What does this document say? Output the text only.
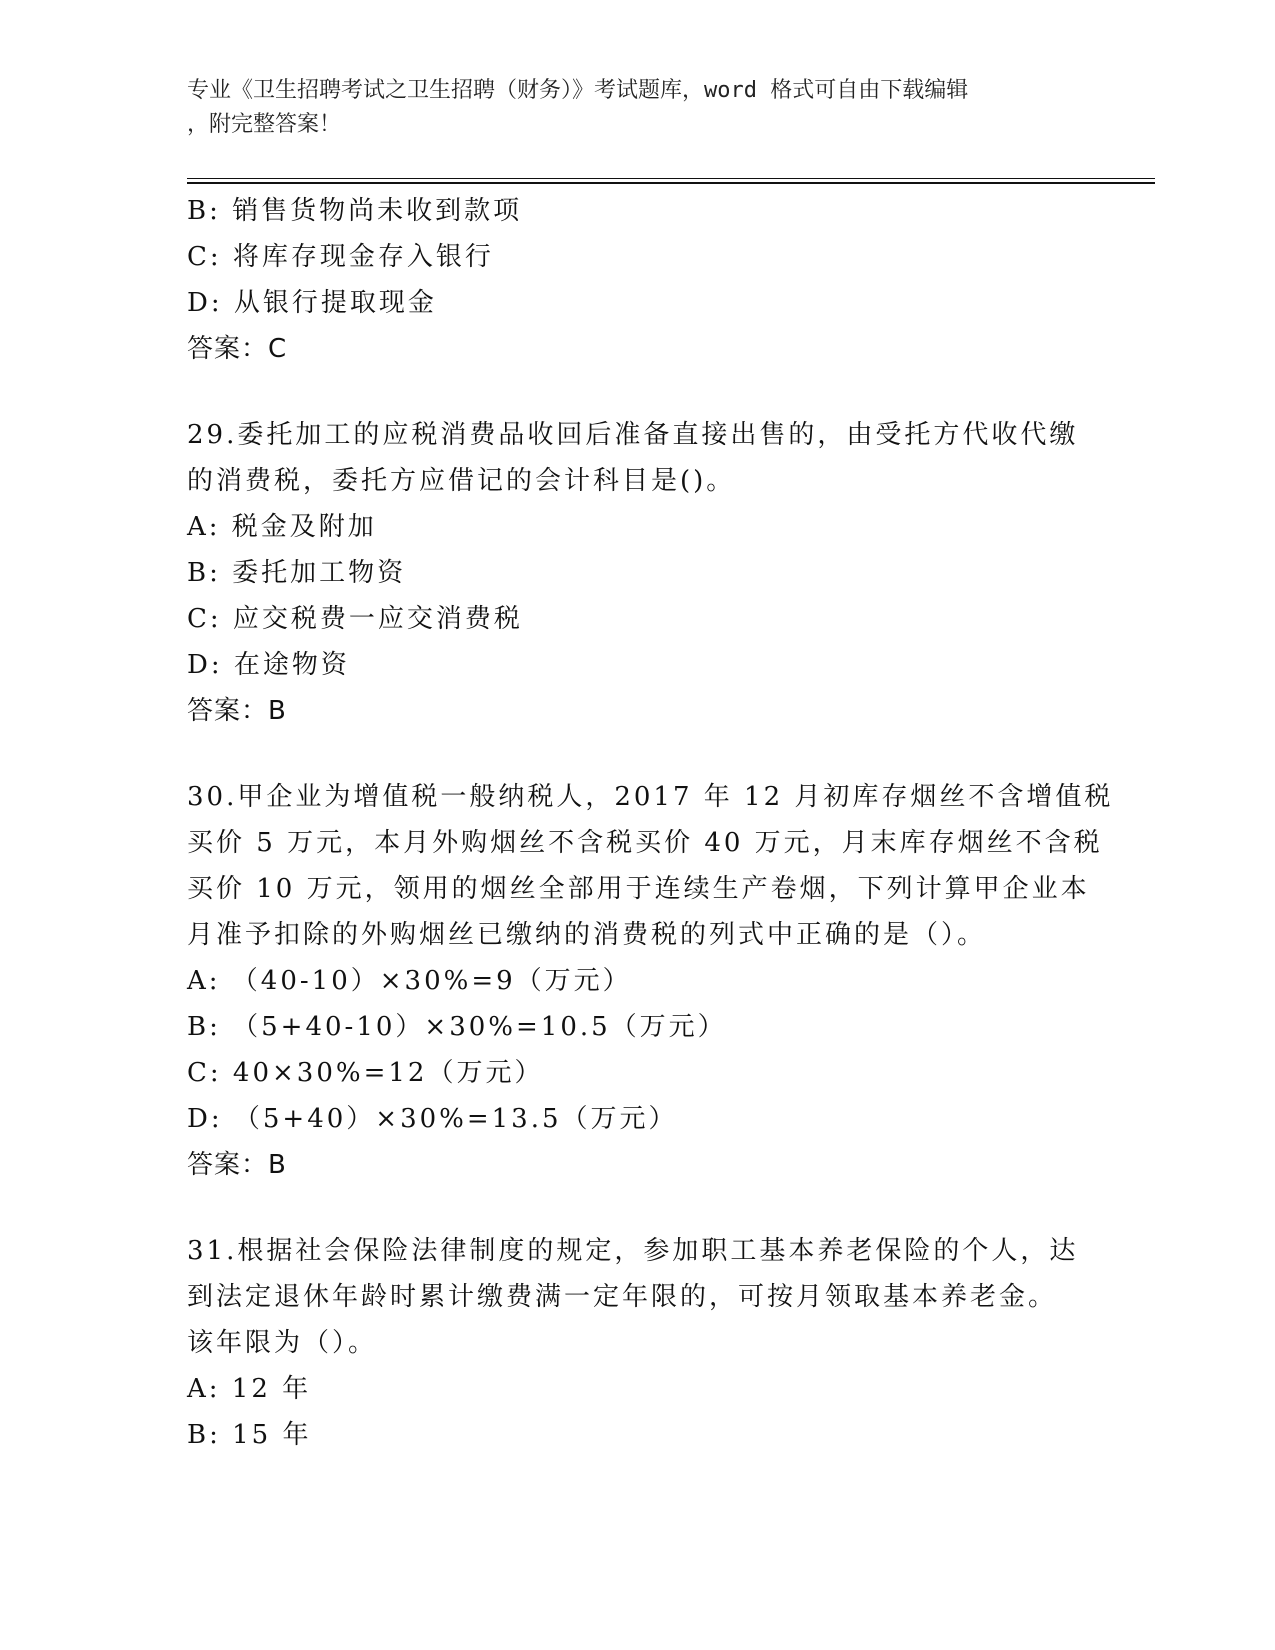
专业《卫生招聘考试之卫生招聘（财务）》考试题库，word 格式可自由下载编辑
，附完整答案！
B: 销售货物尚未收到款项
C: 将库存现金存入银行
D: 从银行提取现金
答案：C
29.委托加工的应税消费品收回后准备直接出售的，由受托方代收代缴
的消费税，委托方应借记的会计科目是()。
A: 税金及附加
B: 委托加工物资
C: 应交税费一应交消费税
D: 在途物资
答案：B
30.甲企业为增值税一般纳税人，2017 年 12 月初库存烟丝不含增值税
买价 5 万元，本月外购烟丝不含税买价 40 万元，月末库存烟丝不含税
买价 10 万元，领用的烟丝全部用于连续生产卷烟，下列计算甲企业本
月准予扣除的外购烟丝已缴纳的消费税的列式中正确的是（）。
A: （40-10）×30%=9（万元）
B: （5+40-10）×30%=10.5（万元）
C: 40×30%=12（万元）
D: （5+40）×30%=13.5（万元）
答案：B
31.根据社会保险法律制度的规定，参加职工基本养老保险的个人，达
到法定退休年龄时累计缴费满一定年限的，可按月领取基本养老金。
该年限为（）。
A: 12 年
B: 15 年
